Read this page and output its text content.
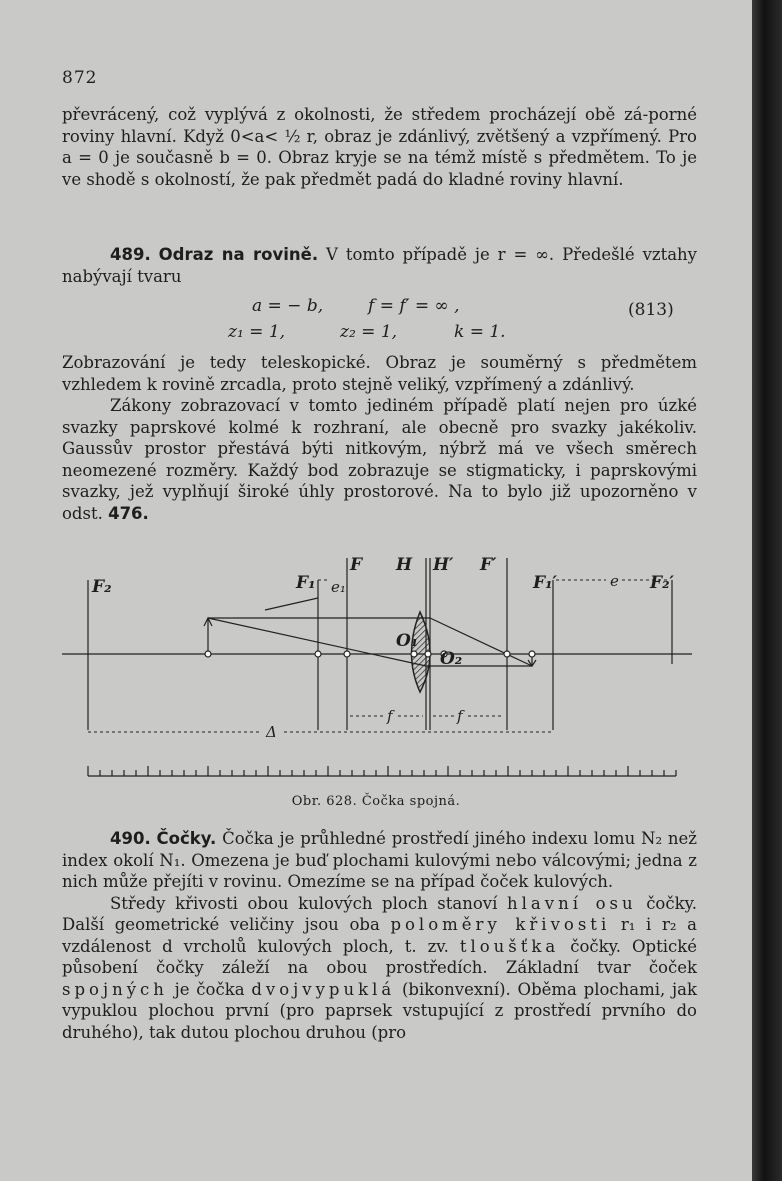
872

převrácený, což vyplývá z okolnosti, že středem procházejí obě zá-porné roviny hlavní. Když 0<a< ½ r, obraz je zdánlivý, zvětšený a vzpřímený. Pro a = 0 je současně b = 0. Obraz kryje se na témž místě s předmětem. To je ve shodě s okolností, že pak předmět padá do kladné roviny hlavní.

489. Odraz na rovině. V tomto případě je r = ∞. Předešlé vztahy nabývají tvaru

a = − b,	f = f′ = ∞ ,
z₁ = 1,	z₂ = 1,	k = 1.
(813)

Zobrazování je tedy teleskopické. Obraz je souměrný s předmětem vzhledem k rovině zrcadla, proto stejně veliký, vzpřímený a zdánlivý.

Zákony zobrazovací v tomto jediném případě platí nejen pro úzké svazky paprskové kolmé k rozhraní, ale obecně pro svazky jakékoliv. Gaussův prostor přestává býti nitkovým, nýbrž má ve všech směrech neomezené rozměry. Každý bod zobrazuje se stigmaticky, i paprskovými svazky, jež vyplňují široké úhly prostorové. Na to bylo již upozorněno v odst. 476.

F₂	F₁
F H H′ F′
F₁′	F₂′
O₁
O₂
e₁	e
f	f
Δ
Obr. 628. Čočka spojná.

490. Čočky. Čočka je průhledné prostředí jiného indexu lomu N₂ než index okolí N₁. Omezena je buď plochami kulovými nebo válcovými; jedna z nich může přejíti v rovinu. Omezíme se na případ čoček kulových.

Středy křivosti obou kulových ploch stanoví hlavní osu čočky. Další geometrické veličiny jsou oba poloměry křivosti r₁ i r₂ a vzdálenost d vrcholů kulových ploch, t. zv. tloušťka čočky. Optické působení čočky záleží na obou prostředích. Základní tvar čoček spojných je čočka dvojvypuklá (bikonvexní). Oběma plochami, jak vypuklou plochou první (pro paprsek vstupující z prostředí prvního do druhého), tak dutou plochou druhou (pro
